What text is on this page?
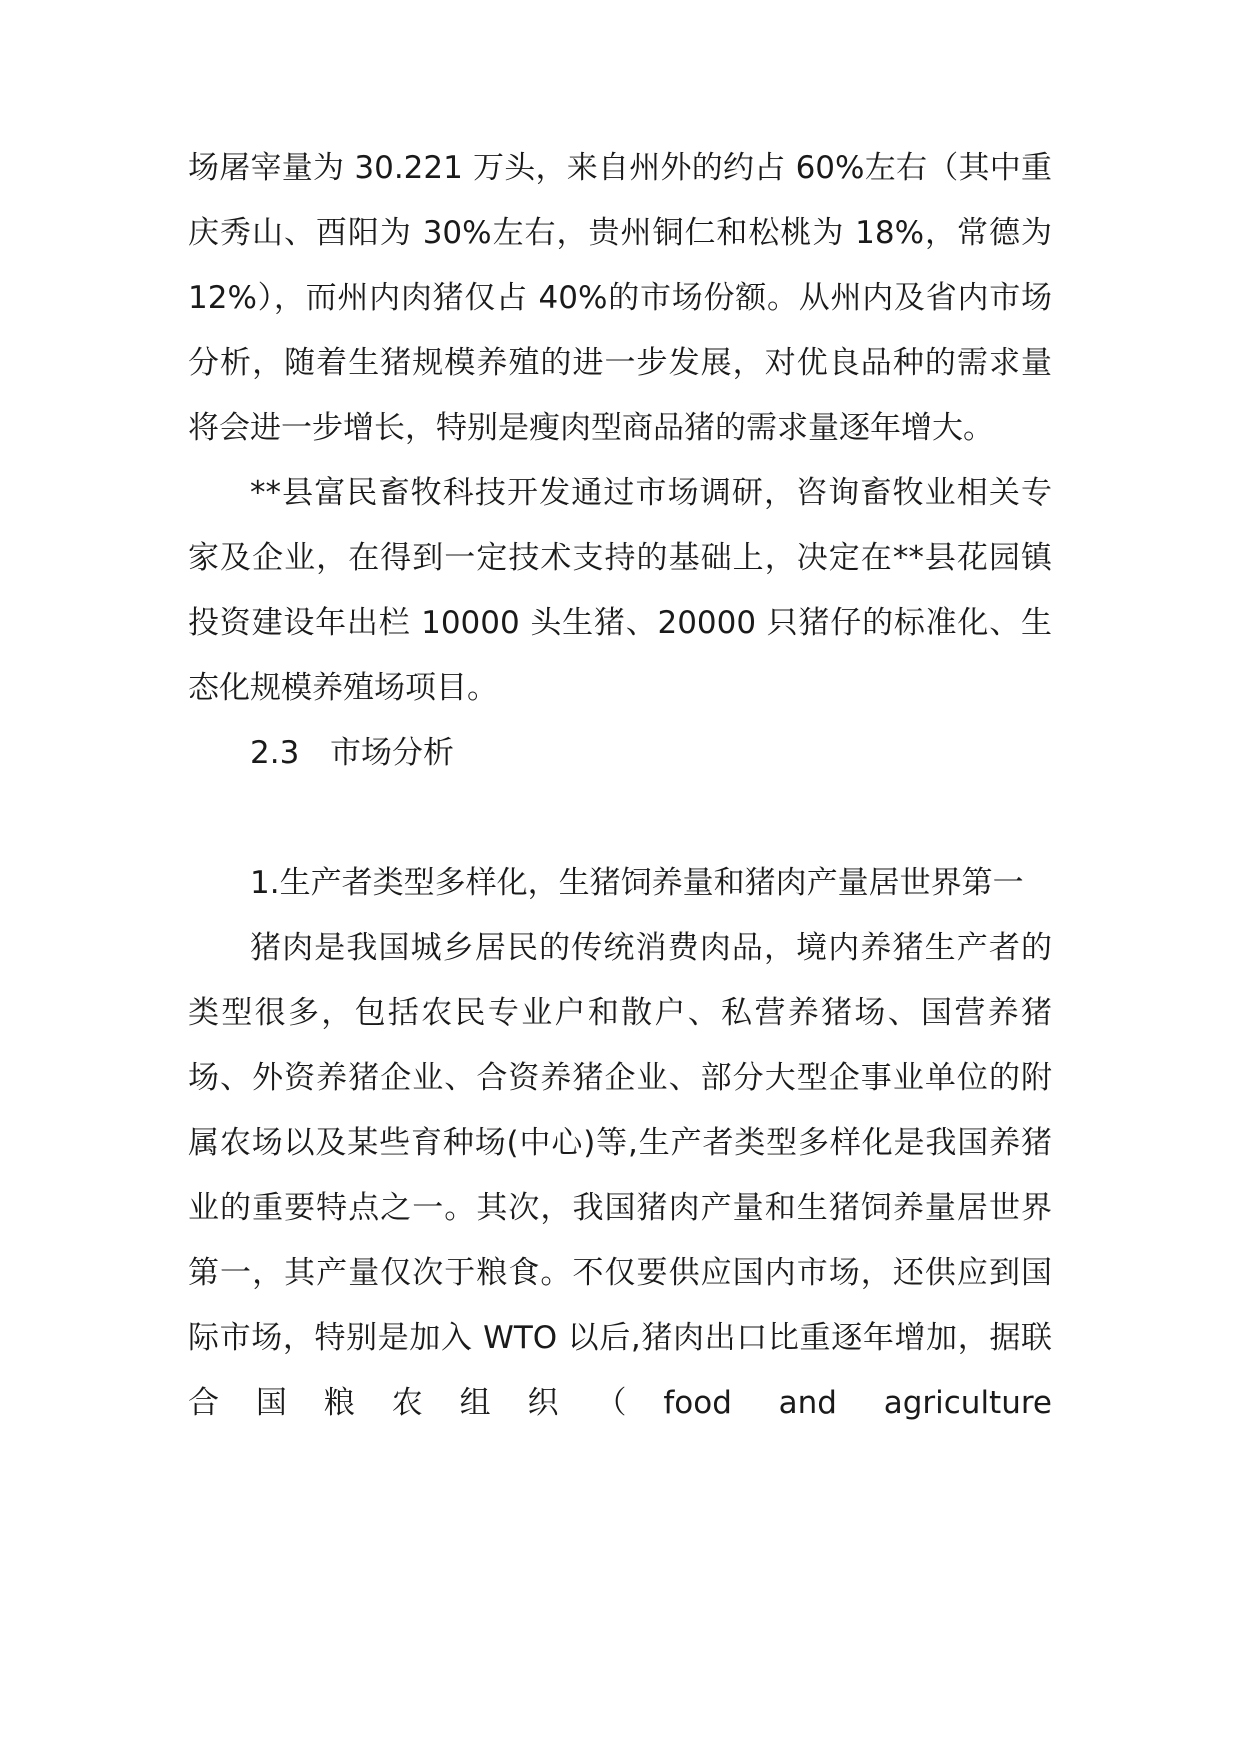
场屠宰量为 30.221 万头，来自州外的约占 60%左右（其中重庆秀山、酉阳为 30%左右，贵州铜仁和松桃为 18%，常德为 12%），而州内肉猪仅占 40%的市场份额。从州内及省内市场分析，随着生猪规模养殖的进一步发展，对优良品种的需求量将会进一步增长，特别是瘦肉型商品猪的需求量逐年增大。

**县富民畜牧科技开发通过市场调研，咨询畜牧业相关专家及企业，在得到一定技术支持的基础上，决定在**县花园镇投资建设年出栏 10000 头生猪、20000 只猪仔的标准化、生态化规模养殖场项目。

2.3 市场分析

1.生产者类型多样化，生猪饲养量和猪肉产量居世界第一

猪肉是我国城乡居民的传统消费肉品，境内养猪生产者的类型很多，包括农民专业户和散户、私营养猪场、国营养猪场、外资养猪企业、合资养猪企业、部分大型企事业单位的附属农场以及某些育种场(中心)等,生产者类型多样化是我国养猪业的重要特点之一。其次，我国猪肉产量和生猪饲养量居世界第一，其产量仅次于粮食。不仅要供应国内市场，还供应到国际市场，特别是加入 WTO 以后,猪肉出口比重逐年增加，据联合国粮农组织（food and agriculture
